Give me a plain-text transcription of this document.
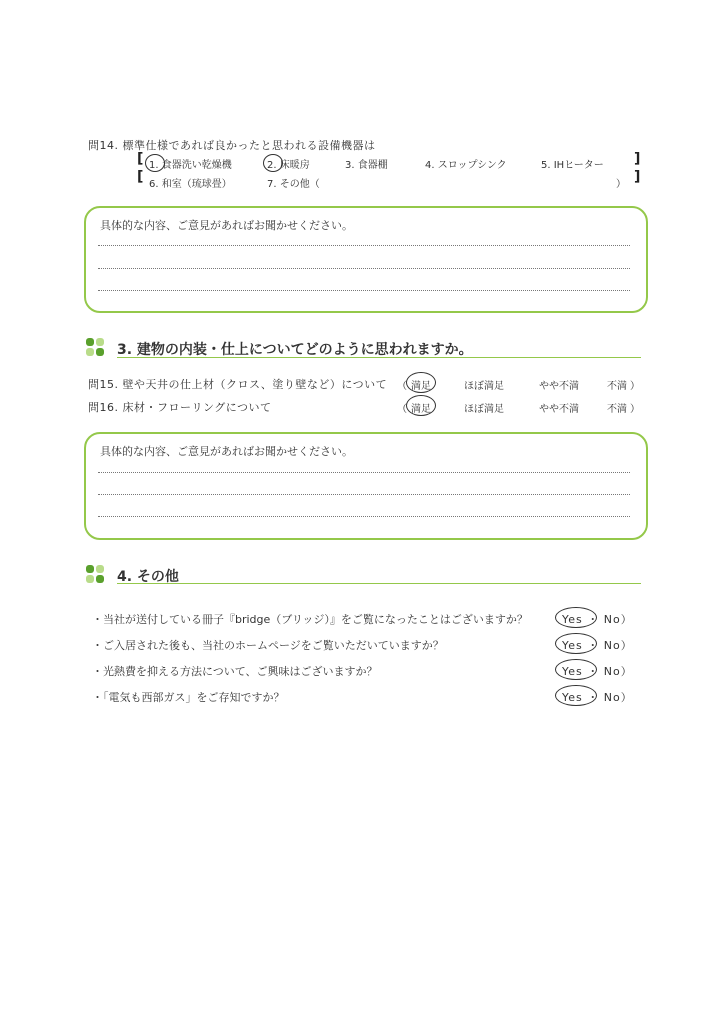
問14. 標準仕様であれば良かったと思われる設備機器は
[
[
]
]
1. 食器洗い乾燥機	2. 床暖房	3. 食器棚	4. スロップシンク	5. IHヒーター
6. 和室（琉球畳）	7. その他（	）
具体的な内容、ご意見があればお聞かせください。
3. 建物の内装・仕上についてどのように思われますか。
問15. 壁や天井の仕上材（クロス、塗り壁など）について （ 満足	ほぼ満足	やや不満	不満 ）
問16. 床材・フローリングについて	（ 満足	ほぼ満足	やや不満	不満 ）
具体的な内容、ご意見があればお聞かせください。
4. その他
・当社が送付している冊子『bridge（ブリッジ）』をご覧になったことはございますか？	Yes ・ No）
・ご入居された後も、当社のホームページをご覧いただいていますか？	Yes ・ No）
・光熱費を抑える方法について、ご興味はございますか？	Yes ・ No）
・「電気も西部ガス」をご存知ですか？	Yes ・ No）
